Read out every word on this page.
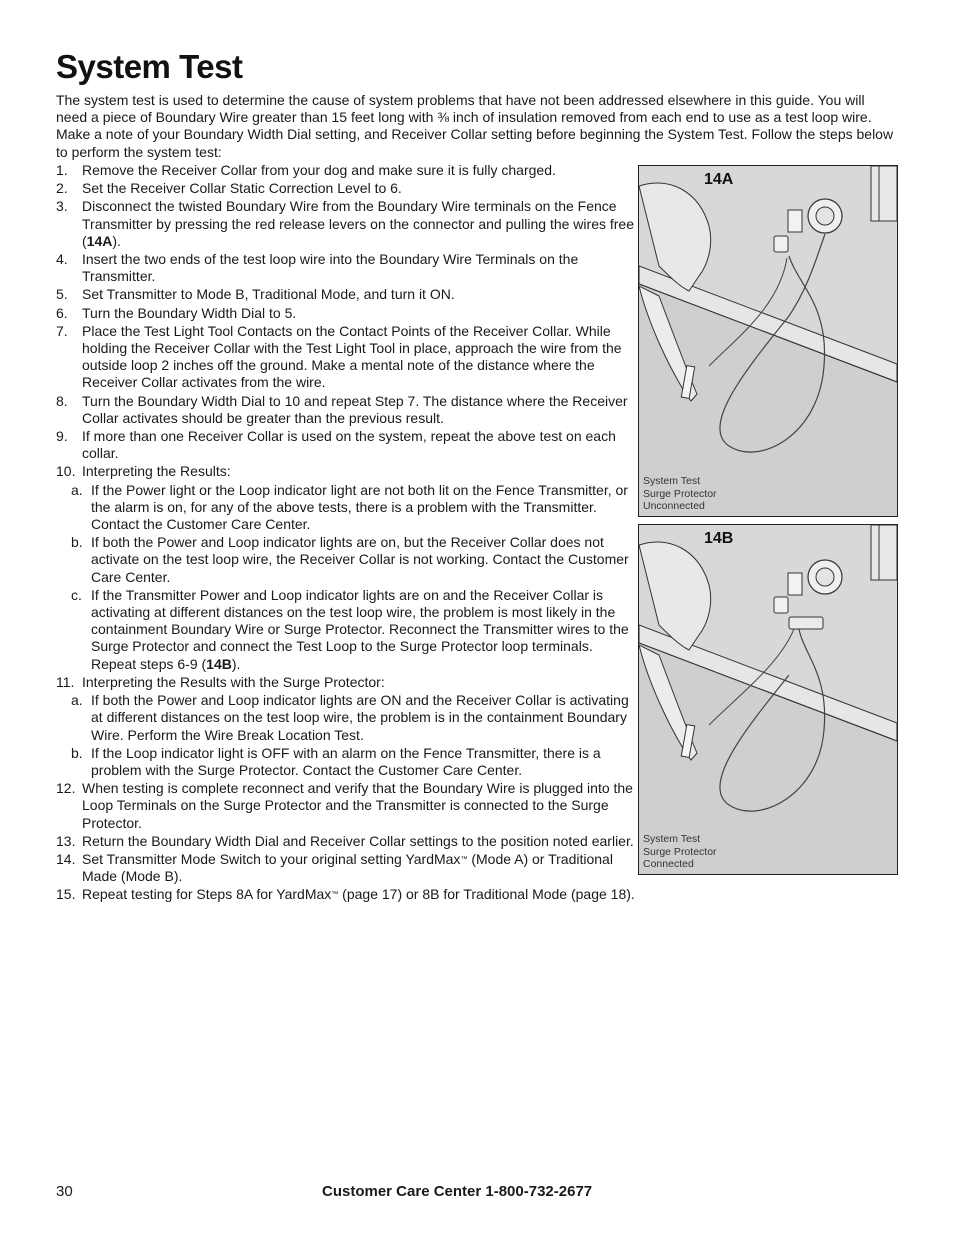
System Test

The system test is used to determine the cause of system problems that have not been addressed elsewhere in this guide. You will need a piece of Boundary Wire greater than 15 feet long with ⅜ inch of insulation removed from each end to use as a test loop wire. Make a note of your Boundary Width Dial setting, and Receiver Collar setting before beginning the System Test. Follow the steps below to perform the system test:

1. Remove the Receiver Collar from your dog and make sure it is fully charged.
2. Set the Receiver Collar Static Correction Level to 6.
3. Disconnect the twisted Boundary Wire from the Boundary Wire terminals on the Fence Transmitter by pressing the red release levers on the connector and pulling the wires free (14A).
4. Insert the two ends of the test loop wire into the Boundary Wire Terminals on the Transmitter.
5. Set Transmitter to Mode B, Traditional Mode, and turn it ON.
6. Turn the Boundary Width Dial to 5.
7. Place the Test Light Tool Contacts on the Contact Points of the Receiver Collar. While holding the Receiver Collar with the Test Light Tool in place, approach the wire from the outside loop 2 inches off the ground. Make a mental note of the distance where the Receiver Collar activates from the wire.
8. Turn the Boundary Width Dial to 10 and repeat Step 7. The distance where the Receiver Collar activates should be greater than the previous result.
9. If more than one Receiver Collar is used on the system, repeat the above test on each collar.
10. Interpreting the Results:
a. If the Power light or the Loop indicator light are not both lit on the Fence Transmitter, or the alarm is on, for any of the above tests, there is a problem with the Transmitter. Contact the Customer Care Center.
b. If both the Power and Loop indicator lights are on, but the Receiver Collar does not activate on the test loop wire, the Receiver Collar is not working. Contact the Customer Care Center.
c. If the Transmitter Power and Loop indicator lights are on and the Receiver Collar is activating at different distances on the test loop wire, the problem is most likely in the containment Boundary Wire or Surge Protector. Reconnect the Transmitter wires to the Surge Protector and connect the Test Loop to the Surge Protector loop terminals. Repeat steps 6-9 (14B).
11. Interpreting the Results with the Surge Protector:
a. If both the Power and Loop indicator lights are ON and the Receiver Collar is activating at different distances on the test loop wire, the problem is in the containment Boundary Wire. Perform the Wire Break Location Test.
b. If the Loop indicator light is OFF with an alarm on the Fence Transmitter, there is a problem with the Surge Protector. Contact the Customer Care Center.
12. When testing is complete reconnect and verify that the Boundary Wire is plugged into the Loop Terminals on the Surge Protector and the Transmitter is connected to the Surge Protector.
13. Return the Boundary Width Dial and Receiver Collar settings to the position noted earlier.
14. Set Transmitter Mode Switch to your original setting YardMax™ (Mode A) or Traditional Made (Mode B).
15. Repeat testing for Steps 8A for YardMax™ (page 17) or 8B for Traditional Mode (page 18).
14A
System Test
Surge Protector
Unconnected
14B
System Test
Surge Protector
Connected
30	Customer Care Center 1-800-732-2677
